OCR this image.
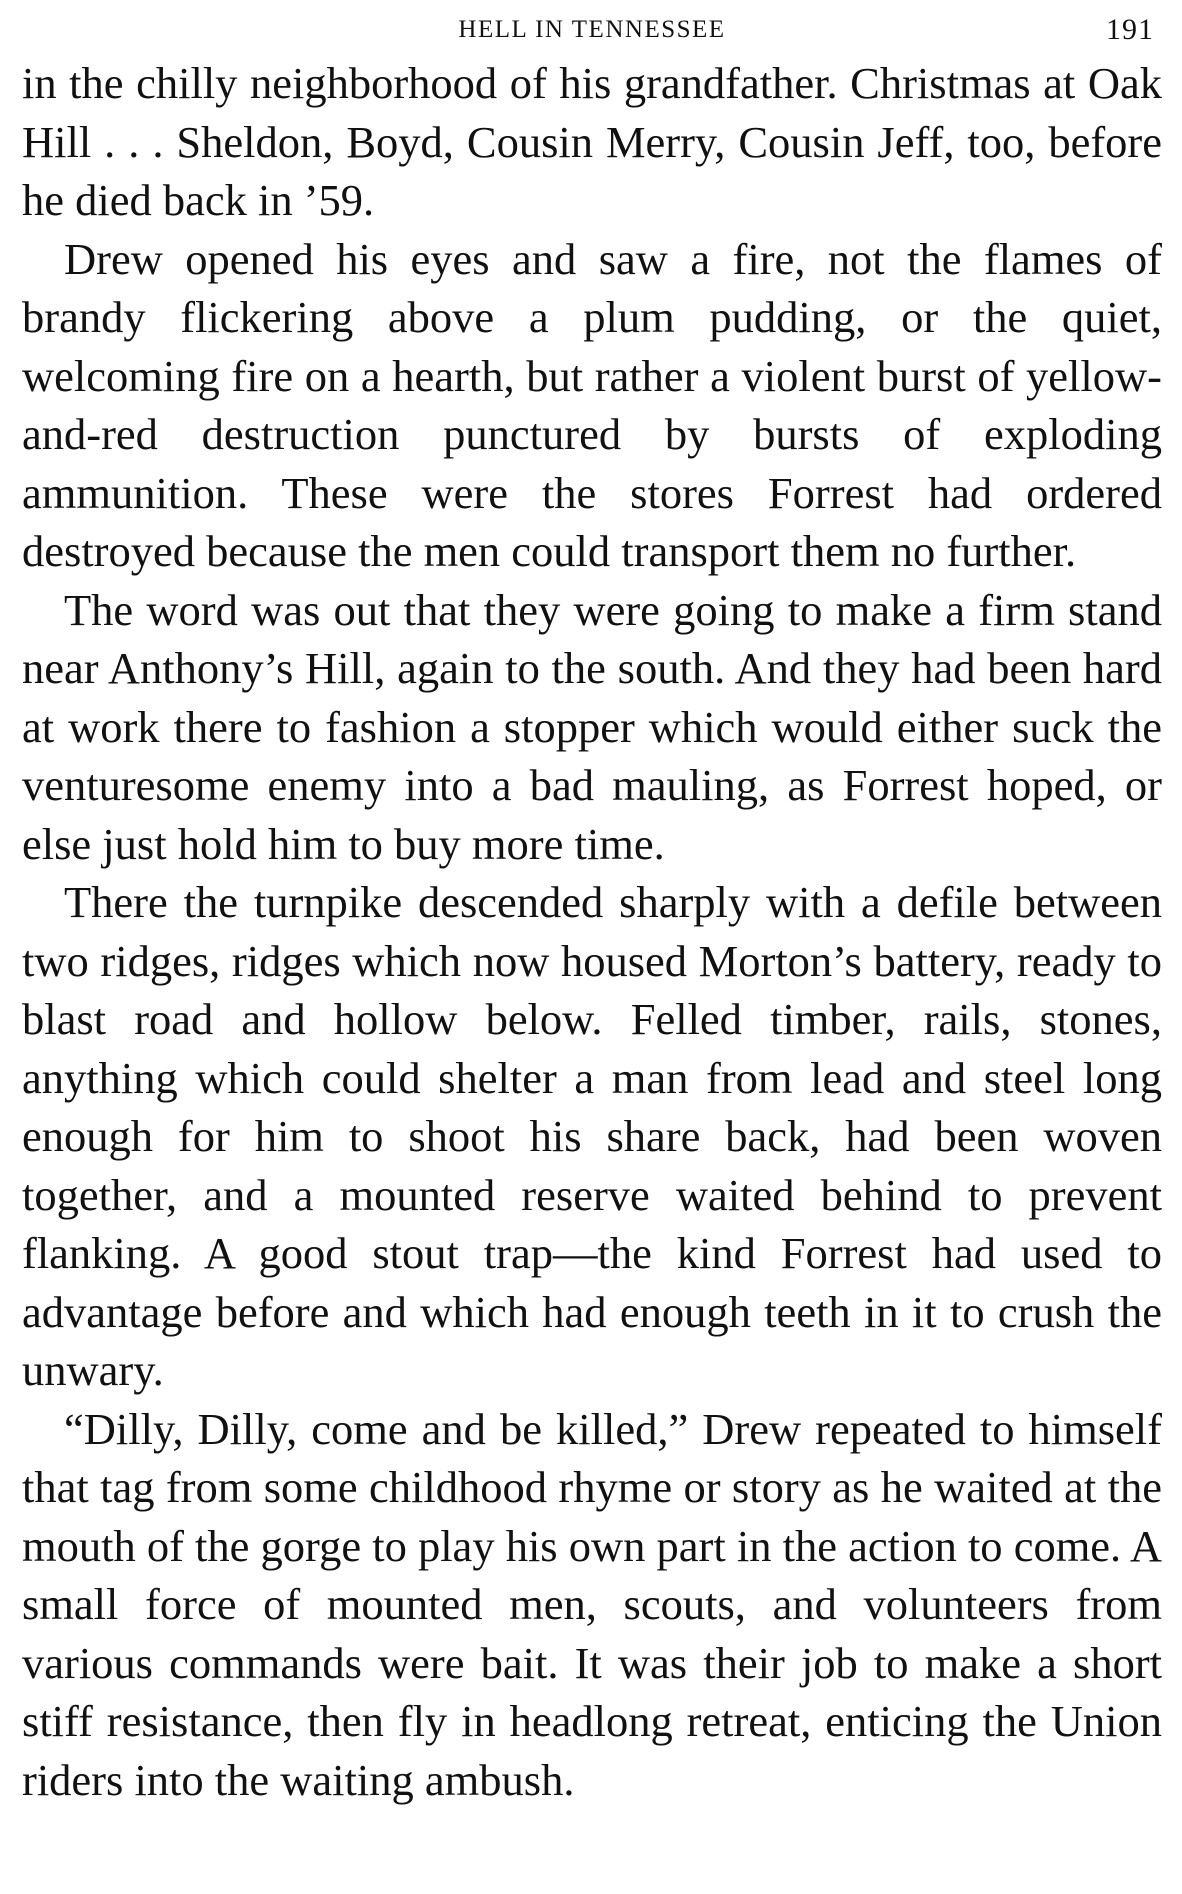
HELL IN TENNESSEE	191

in the chilly neighborhood of his grandfather. Christmas at Oak Hill . . . Sheldon, Boyd, Cousin Merry, Cousin Jeff, too, before he died back in ’59.

Drew opened his eyes and saw a fire, not the flames of brandy flickering above a plum pudding, or the quiet, welcoming fire on a hearth, but rather a violent burst of yellow-and-red destruction punctured by bursts of exploding ammunition. These were the stores Forrest had ordered destroyed because the men could transport them no further.

The word was out that they were going to make a firm stand near Anthony’s Hill, again to the south. And they had been hard at work there to fashion a stopper which would either suck the venturesome enemy into a bad mauling, as Forrest hoped, or else just hold him to buy more time.

There the turnpike descended sharply with a defile between two ridges, ridges which now housed Morton’s battery, ready to blast road and hollow below. Felled timber, rails, stones, anything which could shelter a man from lead and steel long enough for him to shoot his share back, had been woven together, and a mounted reserve waited behind to prevent flanking. A good stout trap—the kind Forrest had used to advantage before and which had enough teeth in it to crush the unwary.

“Dilly, Dilly, come and be killed,” Drew repeated to himself that tag from some childhood rhyme or story as he waited at the mouth of the gorge to play his own part in the action to come. A small force of mounted men, scouts, and volunteers from various commands were bait. It was their job to make a short stiff resistance, then fly in headlong retreat, enticing the Union riders into the waiting ambush.
